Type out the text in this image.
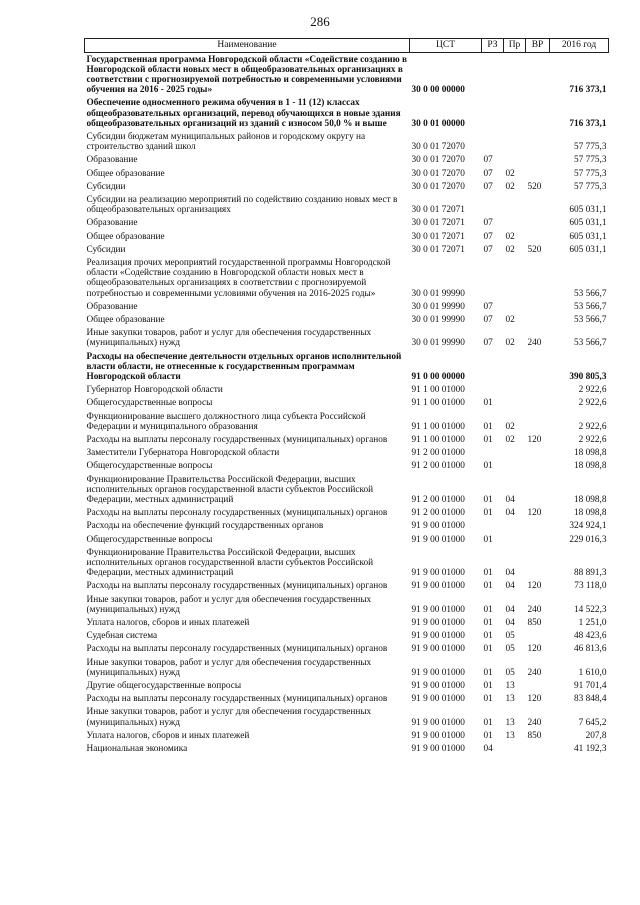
286
Наименование	ЦСТ	РЗ	Пр	ВР	2016 год
Государственная программа Новгородской области «Содействие созданию в Новгородской области новых мест в общеобразовательных организациях в соответствии с прогнозируемой потребностью и современными условиями обучения на 2016 - 2025 годы»	30 0 00 00000				716 373,1
Обеспечение односменного режима обучения в 1 - 11 (12) классах общеобразовательных организаций, перевод обучающихся в новые здания общеобразовательных организаций из зданий с износом 50,0 % и выше	30 0 01 00000				716 373,1
Субсидии бюджетам муниципальных районов и городскому округу на строительство зданий школ	30 0 01 72070				57 775,3
Образование	30 0 01 72070	07			57 775,3
Общее образование	30 0 01 72070	07	02		57 775,3
Субсидии	30 0 01 72070	07	02	520	57 775,3
Субсидии на реализацию мероприятий по содействию созданию новых мест в общеобразовательных организациях	30 0 01 72071				605 031,1
Образование	30 0 01 72071	07			605 031,1
Общее образование	30 0 01 72071	07	02		605 031,1
Субсидии	30 0 01 72071	07	02	520	605 031,1
Реализация прочих мероприятий государственной программы Новгородской области «Содействие созданию в Новгородской области новых мест в общеобразовательных организациях в соответствии с прогнозируемой потребностью и современными условиями обучения на 2016-2025 годы»	30 0 01 99990				53 566,7
Образование	30 0 01 99990	07			53 566,7
Общее образование	30 0 01 99990	07	02		53 566,7
Иные закупки товаров, работ и услуг для обеспечения государственных (муниципальных) нужд	30 0 01 99990	07	02	240	53 566,7
Расходы на обеспечение деятельности отдельных органов исполнительной власти области, не отнесенные к государственным программам Новгородской области	91 0 00 00000				390 805,3
Губернатор Новгородской области	91 1 00 01000				2 922,6
Общегосударственные вопросы	91 1 00 01000	01			2 922,6
Функционирование высшего должностного лица субъекта Российской Федерации и муниципального образования	91 1 00 01000	01	02		2 922,6
Расходы на выплаты персоналу государственных (муниципальных) органов	91 1 00 01000	01	02	120	2 922,6
Заместители Губернатора Новгородской области	91 2 00 01000				18 098,8
Общегосударственные вопросы	91 2 00 01000	01			18 098,8
Функционирование Правительства Российской Федерации, высших исполнительных органов государственной власти субъектов Российской Федерации, местных администраций	91 2 00 01000	01	04		18 098,8
Расходы на выплаты персоналу государственных (муниципальных) органов	91 2 00 01000	01	04	120	18 098,8
Расходы на обеспечение функций государственных органов	91 9 00 01000				324 924,1
Общегосударственные вопросы	91 9 00 01000	01			229 016,3
Функционирование Правительства Российской Федерации, высших исполнительных органов государственной власти субъектов Российской Федерации, местных администраций	91 9 00 01000	01	04		88 891,3
Расходы на выплаты персоналу государственных (муниципальных) органов	91 9 00 01000	01	04	120	73 118,0
Иные закупки товаров, работ и услуг для обеспечения государственных (муниципальных) нужд	91 9 00 01000	01	04	240	14 522,3
Уплата налогов, сборов и иных платежей	91 9 00 01000	01	04	850	1 251,0
Судебная система	91 9 00 01000	01	05		48 423,6
Расходы на выплаты персоналу государственных (муниципальных) органов	91 9 00 01000	01	05	120	46 813,6
Иные закупки товаров, работ и услуг для обеспечения государственных (муниципальных) нужд	91 9 00 01000	01	05	240	1 610,0
Другие общегосударственные вопросы	91 9 00 01000	01	13		91 701,4
Расходы на выплаты персоналу государственных (муниципальных) органов	91 9 00 01000	01	13	120	83 848,4
Иные закупки товаров, работ и услуг для обеспечения государственных (муниципальных) нужд	91 9 00 01000	01	13	240	7 645,2
Уплата налогов, сборов и иных платежей	91 9 00 01000	01	13	850	207,8
Национальная экономика	91 9 00 01000	04			41 192,3
